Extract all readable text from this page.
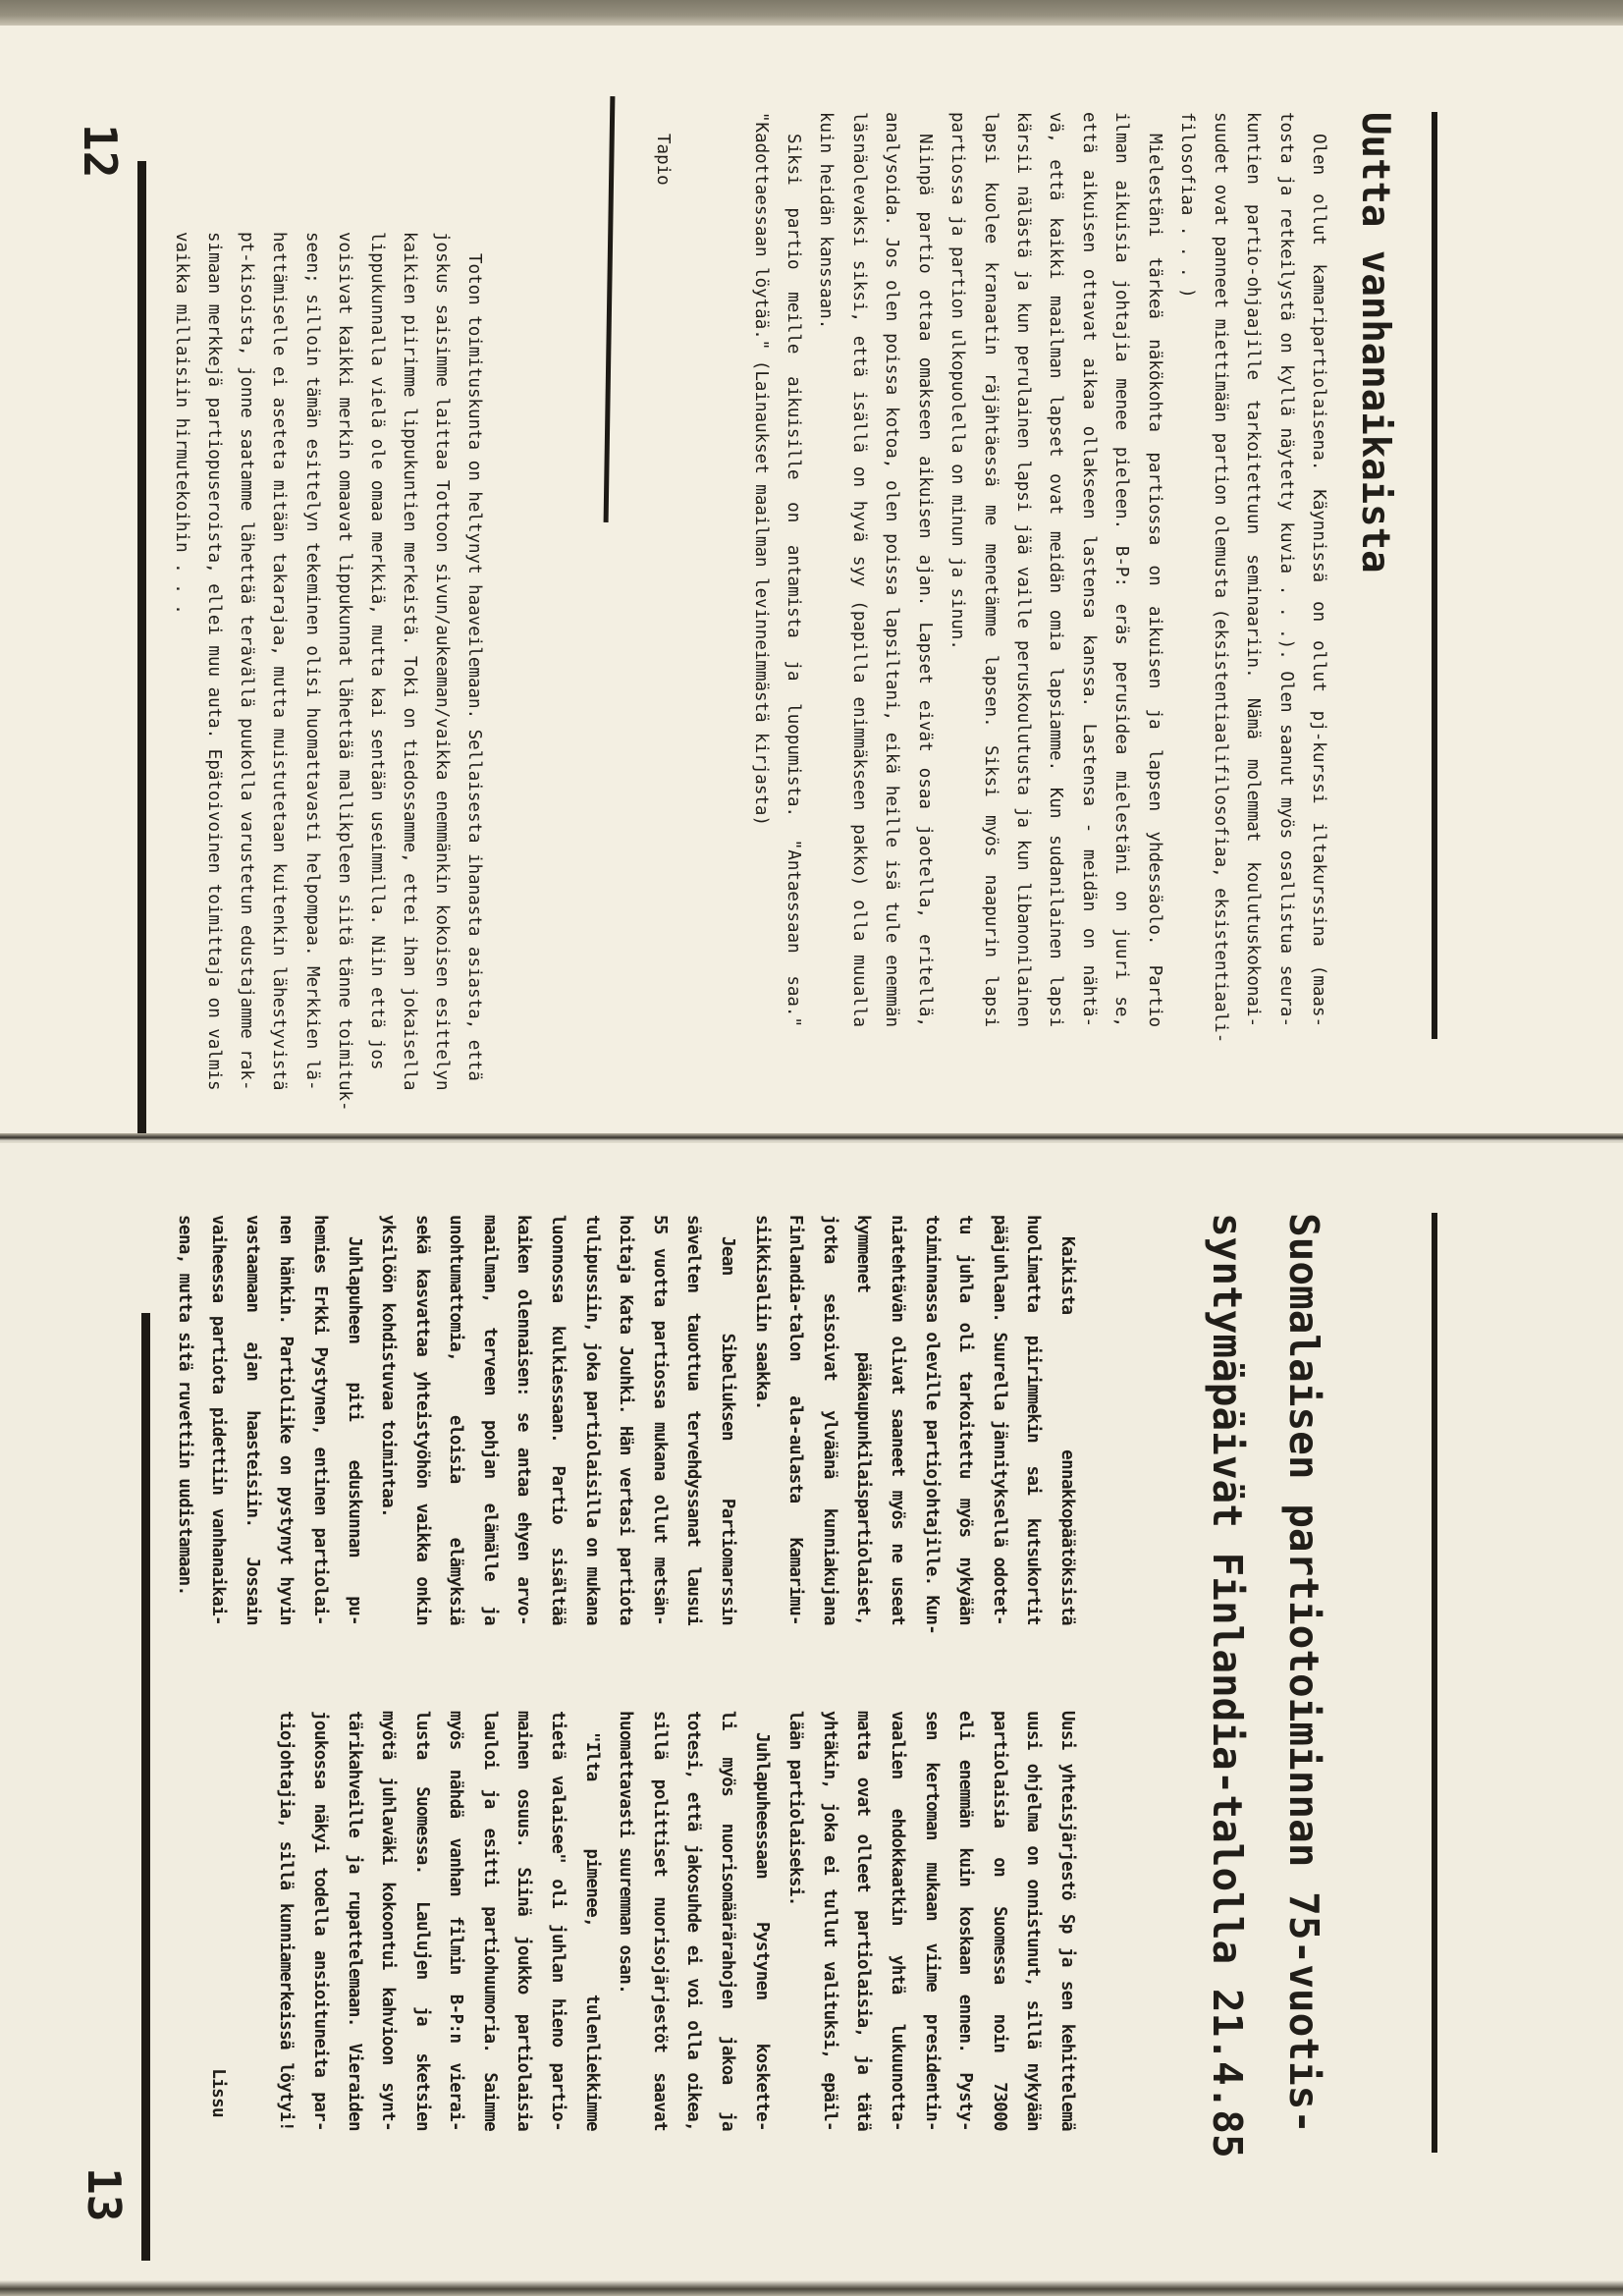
Uutta vanhanaikaista
Olen ollut kamaripartiolaisena. Käynnissä on ollut pj-kurssi iltakurssina (maas-
tosta ja retkeilystä on kyllä näytetty kuvia . . .). Olen saanut myös osallistua seura-
kuntien partio-ohjaajille tarkoitettuun seminaariin. Nämä molemmat koulutuskokonai-
suudet ovat panneet miettimään partion olemusta (eksistentiaalifilosofiaa, eksistentiaali-
filosofiaa . . . )
Mielestäni tärkeä näkökohta partiossa on aikuisen ja lapsen yhdessäolo. Partio
ilman aikuisia johtajia menee pieleen. B-P: eräs perusidea mielestäni on juuri se,
että aikuisen ottavat aikaa ollakseen lastensa kanssa. Lastensa - meidän on nähtä-
vä, että kaikki maailman lapset ovat meidän omia lapsiamme. Kun sudanilainen lapsi
kärsii nälästä ja kun perulainen lapsi jää vaille peruskoulutusta ja kun libanonilainen
lapsi kuolee kranaatin räjähtäessä me menetämme lapsen. Siksi myös naapurin lapsi
partiossa ja partion ulkopuolella on minun ja sinun.
Niinpä partio ottaa omakseen aikuisen ajan. Lapset eivät osaa jaotella, eritellä,
analysoida. Jos olen poissa kotoa, olen poissa lapsiltani, eikä heille isä tule enemmän
läsnäolevaksi siksi, että isällä on hyvä syy (papilla enimmäkseen pakko) olla muualla
kuin heidän kanssaan.
Siksi partio meille aikuisille on antamista ja luopumista. "Antaessaan saa."
"Kadottaessaan löytää." (Lainaukset maailman levinneimmästä kirjasta)
Tapio
Toton toimituskunta on heltynyt haaveilemaan. Sellaisesta ihanasta asiasta, että
joskus saisimme laittaa Tottoon sivun/aukeaman/vaikka enemmänkin kokoisen esittelyn
kaikien piirimme lippukuntien merkeistä. Toki on tiedossamme, ettei ihan jokaisella
lippukunnalla vielä ole omaa merkkiä, mutta kai sentään useimmilla. Niin että jos
voisivat kaikki merkin omaavat lippukunnat lähettää mallikpleen siitä tänne toimituk-
seen; silloin tämän esittelyn tekeminen olisi huomattavasti helpompaa. Merkkien lä-
hettämiselle ei aseteta mitään takarajaa, mutta muistutetaan kuitenkin lähestyvistä
pt-kisoista, jonne saatamme lähettää terävällä puukolla varustetun edustajamme rak-
simaan merkkejä partiopuseroista, ellei muu auta. Epätoivoinen toimittaja on valmis
vaikka millaisiin hirmutekoihin . . .
12
Suomalaisen partiotoiminnan 75-vuotis-
syntymäpäivät Finlandia-talolla 21.4.85
Kaikista ennakkopäätöksistä
huolimatta piirimmekin sai kutsukortit
pääjuhlaan. Suurella jännityksellä odotet-
tu juhla oli tarkoitettu myös nykyään
toiminnassa oleville partiojohtajille. Kun-
niatehtävän olivat saaneet myös ne useat
kymmenet pääkaupunkilaispartiolaiset,
jotka seisoivat ylväänä kunniakujana
Finlandia-talon ala-aulasta Kamarimu-
siikkisaliin saakka.
Jean Sibeliuksen Partiomarssin
sävelten tauottua tervehdyssanat lausui
55 vuotta partiossa mukana ollut metsän-
hoitaja Kata Jouhki. Hän vertasi partiota
tulipussiin, joka partiolaisilla on mukana
luonnossa kulkiessaan. Partio sisältää
kaiken olennaisen: se antaa ehyen arvo-
maailman, terveen pohjan elämälle ja
unohtumattomia, eloisia elämyksiä
sekä kasvattaa yhteistyöhön vaikka onkin
yksilöön kohdistuvaa toimintaa.
Juhlapuheen piti eduskunnan pu-
hemies Erkki Pystynen, entinen partiolai-
nen hänkin. Partioliike on pystynyt hyvin
vastaamaan ajan haasteisiin. Jossain
vaiheessa partiota pidettiin vanhanaikai-
sena, mutta sitä ruvettiin uudistamaan.
Uusi yhteisjärjestö Sp ja sen kehittelemä
uusi ohjelma on onnistunut, sillä nykyään
partiolaisia on Suomessa noin 73000
eli enemmän kuin koskaan ennen. Pysty-
sen kertoman mukaan viime presidentin-
vaalien ehdokkaatkin yhtä lukuunotta-
matta ovat olleet partiolaisia, ja tätä
yhtäkin, joka ei tullut valituksi, epäil-
lään partiolaiseksi.
Juhlapuheessaan Pystynen koskette-
li myös nuorisomäärärahojen jakoa ja
totesi, että jakosuhde ei voi olla oikea,
sillä polittiset nuorisojärjestöt saavat
huomattavasti suuremman osan.
"Ilta pimenee, tulenliekkimme
tietä valaisee" oli juhlan hieno partio-
mainen osuus. Siinä joukko partiolaisia
lauloi ja esitti partiohuumoria. Saimme
myös nähdä vanhan filmin B-P:n vierai-
lusta Suomessa. Laulujen ja sketsien
myötä juhlaväki kokoontui kahvioon synt-
tärikahveille ja rupattelemaan. Vieraiden
joukossa näkyi todella ansioituneita par-
tiojohtajia, sillä kunniamerkeissä löytyi!
Lissu
13
